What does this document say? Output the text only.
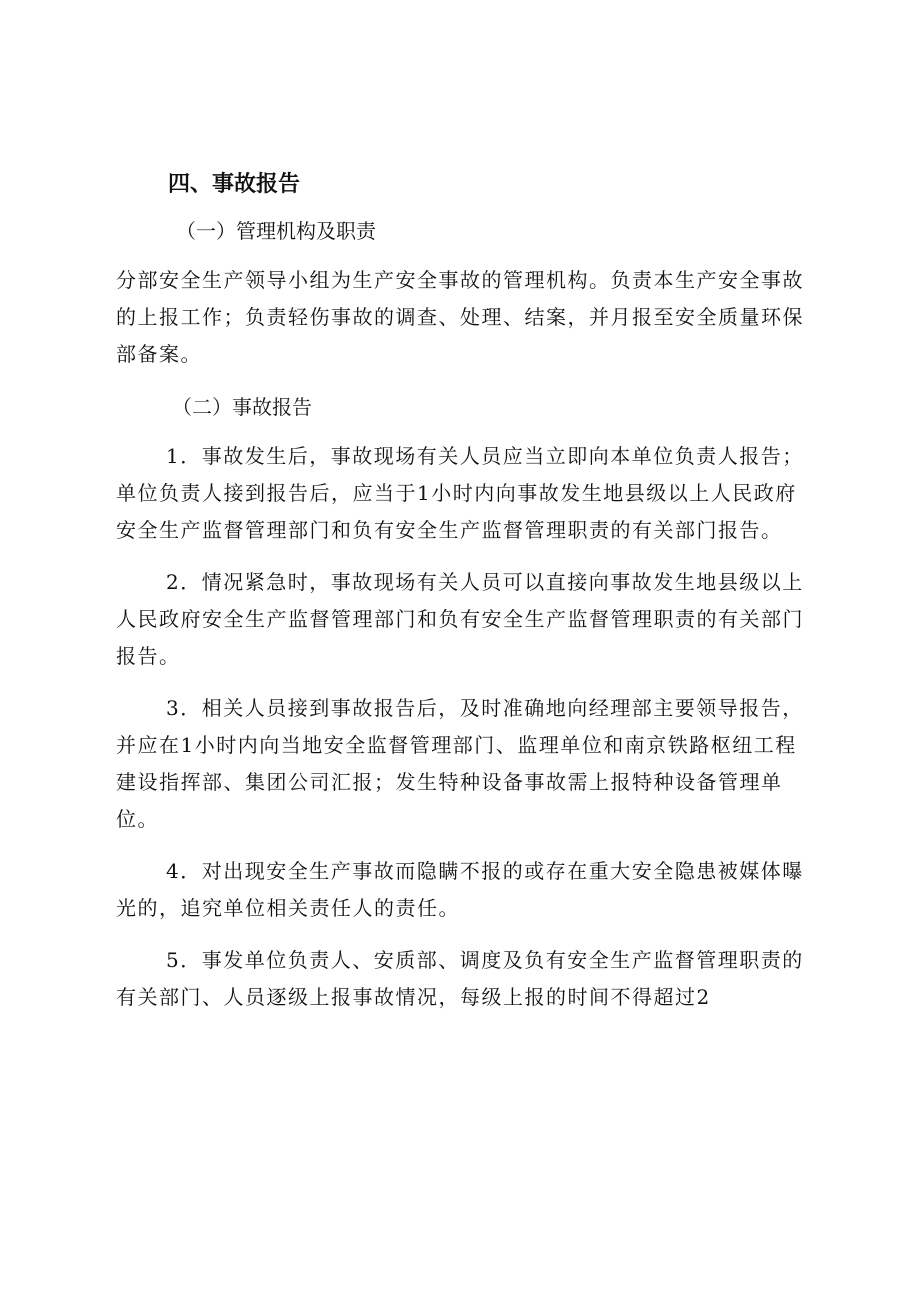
四、事故报告
（一）管理机构及职责

分部安全生产领导小组为生产安全事故的管理机构。负责本生产安全事故的上报工作；负责轻伤事故的调查、处理、结案，并月报至安全质量环保部备案。

（二）事故报告

1．事故发生后，事故现场有关人员应当立即向本单位负责人报告；单位负责人接到报告后，应当于1小时内向事故发生地县级以上人民政府安全生产监督管理部门和负有安全生产监督管理职责的有关部门报告。

2．情况紧急时，事故现场有关人员可以直接向事故发生地县级以上人民政府安全生产监督管理部门和负有安全生产监督管理职责的有关部门报告。

3．相关人员接到事故报告后，及时准确地向经理部主要领导报告，并应在1小时内向当地安全监督管理部门、监理单位和南京铁路枢纽工程建设指挥部、集团公司汇报；发生特种设备事故需上报特种设备管理单位。

4．对出现安全生产事故而隐瞒不报的或存在重大安全隐患被媒体曝光的，追究单位相关责任人的责任。

5．事发单位负责人、安质部、调度及负有安全生产监督管理职责的有关部门、人员逐级上报事故情况，每级上报的时间不得超过2
